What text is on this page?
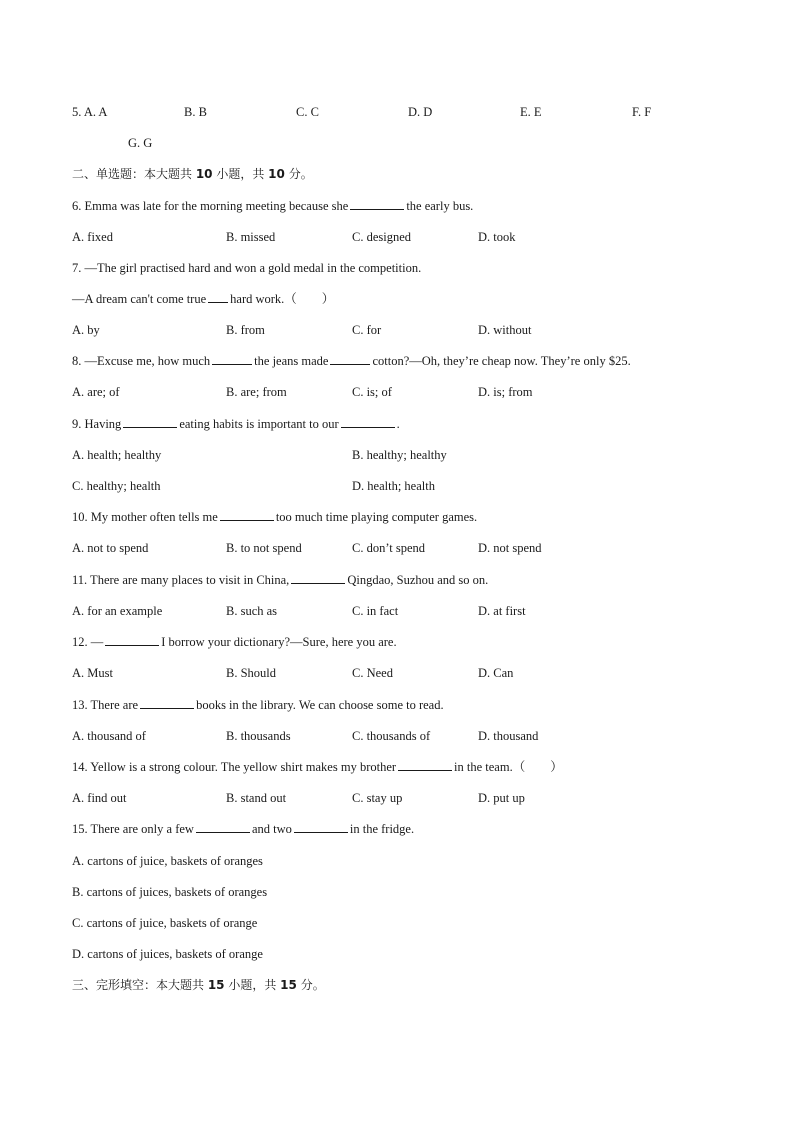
5. A. A	B. B	C. C	D. D	E. E	F. F
G. G
二、单选题：本大题共 10 小题，共 10 分。
6. Emma was late for the morning meeting because she	the early bus.
A. fixed	B. missed	C. designed	D. took
7. —The girl practised hard and won a gold medal in the competition.
—A dream can't come true hard work.（　　）
A. by	B. from	C. for	D. without
8. —Excuse me, how much	the jeans made	cotton?—Oh, they’re cheap now. They’re only $25.
A. are; of	B. are; from	C. is; of	D. is; from
9. Having	eating habits is important to our	.
A. health; healthy	B. healthy; healthy
C. healthy; health	D. health; health
10. My mother often tells me	too much time playing computer games.
A. not to spend	B. to not spend	C. don’t spend	D. not spend
11. There are many places to visit in China,	Qingdao, Suzhou and so on.
A. for an example	B. such as	C. in fact	D. at first
12. —	I borrow your dictionary?—Sure, here you are.
A. Must	B. Should	C. Need	D. Can
13. There are	books in the library. We can choose some to read.
A. thousand of	B. thousands	C. thousands of	D. thousand
14. Yellow is a strong colour. The yellow shirt makes my brother	in the team.（　　）
A. find out	B. stand out	C. stay up	D. put up
15. There are only a few	and two	in the fridge.
A. cartons of juice, baskets of oranges
B. cartons of juices, baskets of oranges
C. cartons of juice, baskets of orange
D. cartons of juices, baskets of orange
三、完形填空：本大题共 15 小题，共 15 分。
